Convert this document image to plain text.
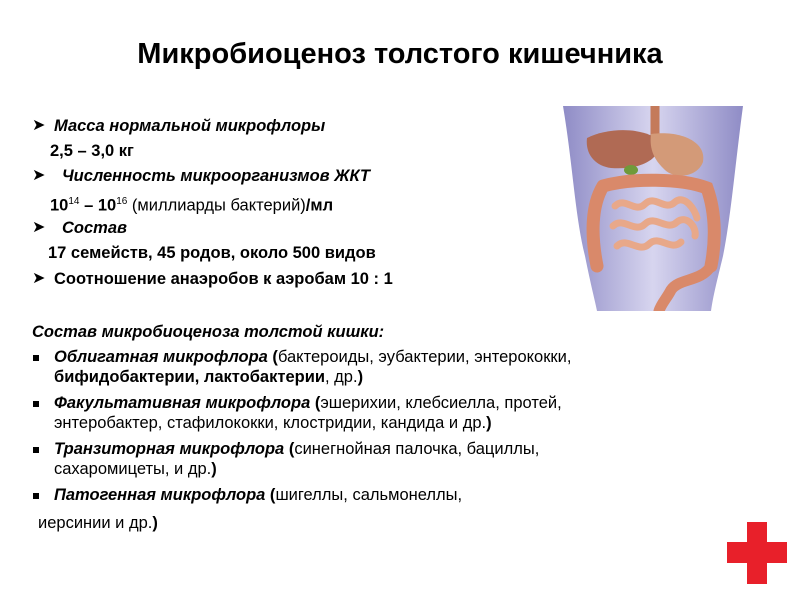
Микробиоценоз толстого кишечника
➤ Масса нормальной микрофлоры
2,5 – 3,0 кг
➤ Численность микроорганизмов ЖКТ
$10^{14} - 10^{16}$ (миллиарды бактерий)/мл
➤ Состав
17 семейств, 45 родов, около 500 видов
➤ Соотношение анаэробов к аэробам 10 : 1
Состав микробиоценоза толстой кишки:
Облигатная микрофлора (бактероиды, эубактерии, энтерококки,
бифидобактерии, лактобактерии, др.)
Факультативная микрофлора (эшерихии, клебсиелла, протей,
энтеробактер, стафилококки, клостридии, кандида и др.)
Транзиторная микрофлора (синегнойная палочка, бациллы,
сахаромицеты, и др.)
Патогенная микрофлора (шигеллы, сальмонеллы,
иерсинии и др.)
